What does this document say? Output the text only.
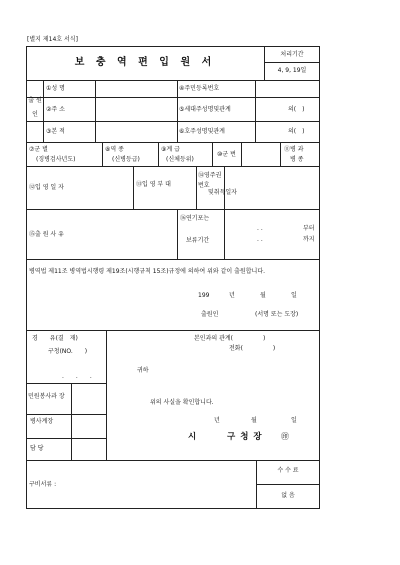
[별지 제14호 서식]
보 충 역 편 입 원 서
처리기간
4, 9, 19일
출 원 인
①성 명	④주민등록번호
②주 소	⑤세대주성명및관계	의(　)
③본 적	⑥호주성명및관계	의(　)
⑦군 별
(징병검사년도)
⑧역 종
(신병등급)
⑨계 급
(신체등위)
⑩군 번
⑪병 과
병 종
⑫입 영 일 자	⑬입 영 부 대
⑭영주권번호
및취득일자
⑮출 원 사 유
⑯연기포는
보류기간
. .	부터
. .	까지
병역법 제11조 병역법시행령 제19조(시행규칙 15조)규정에 의하여 위와 같이 출원합니다.
199	년	월	일
출원인	(서명 또는 도장)
경　　유(결　재)
구청(NO.　　)
.　　.　　.
본인과의 관계(　　　　　)
전화(　　　　　)
귀하
민원봉사과 장
병사계장
담 당
위의 사실을 확인합니다.
년	월	일
시	구청장 ㊞
구비서류 :
수 수 료
없 음
